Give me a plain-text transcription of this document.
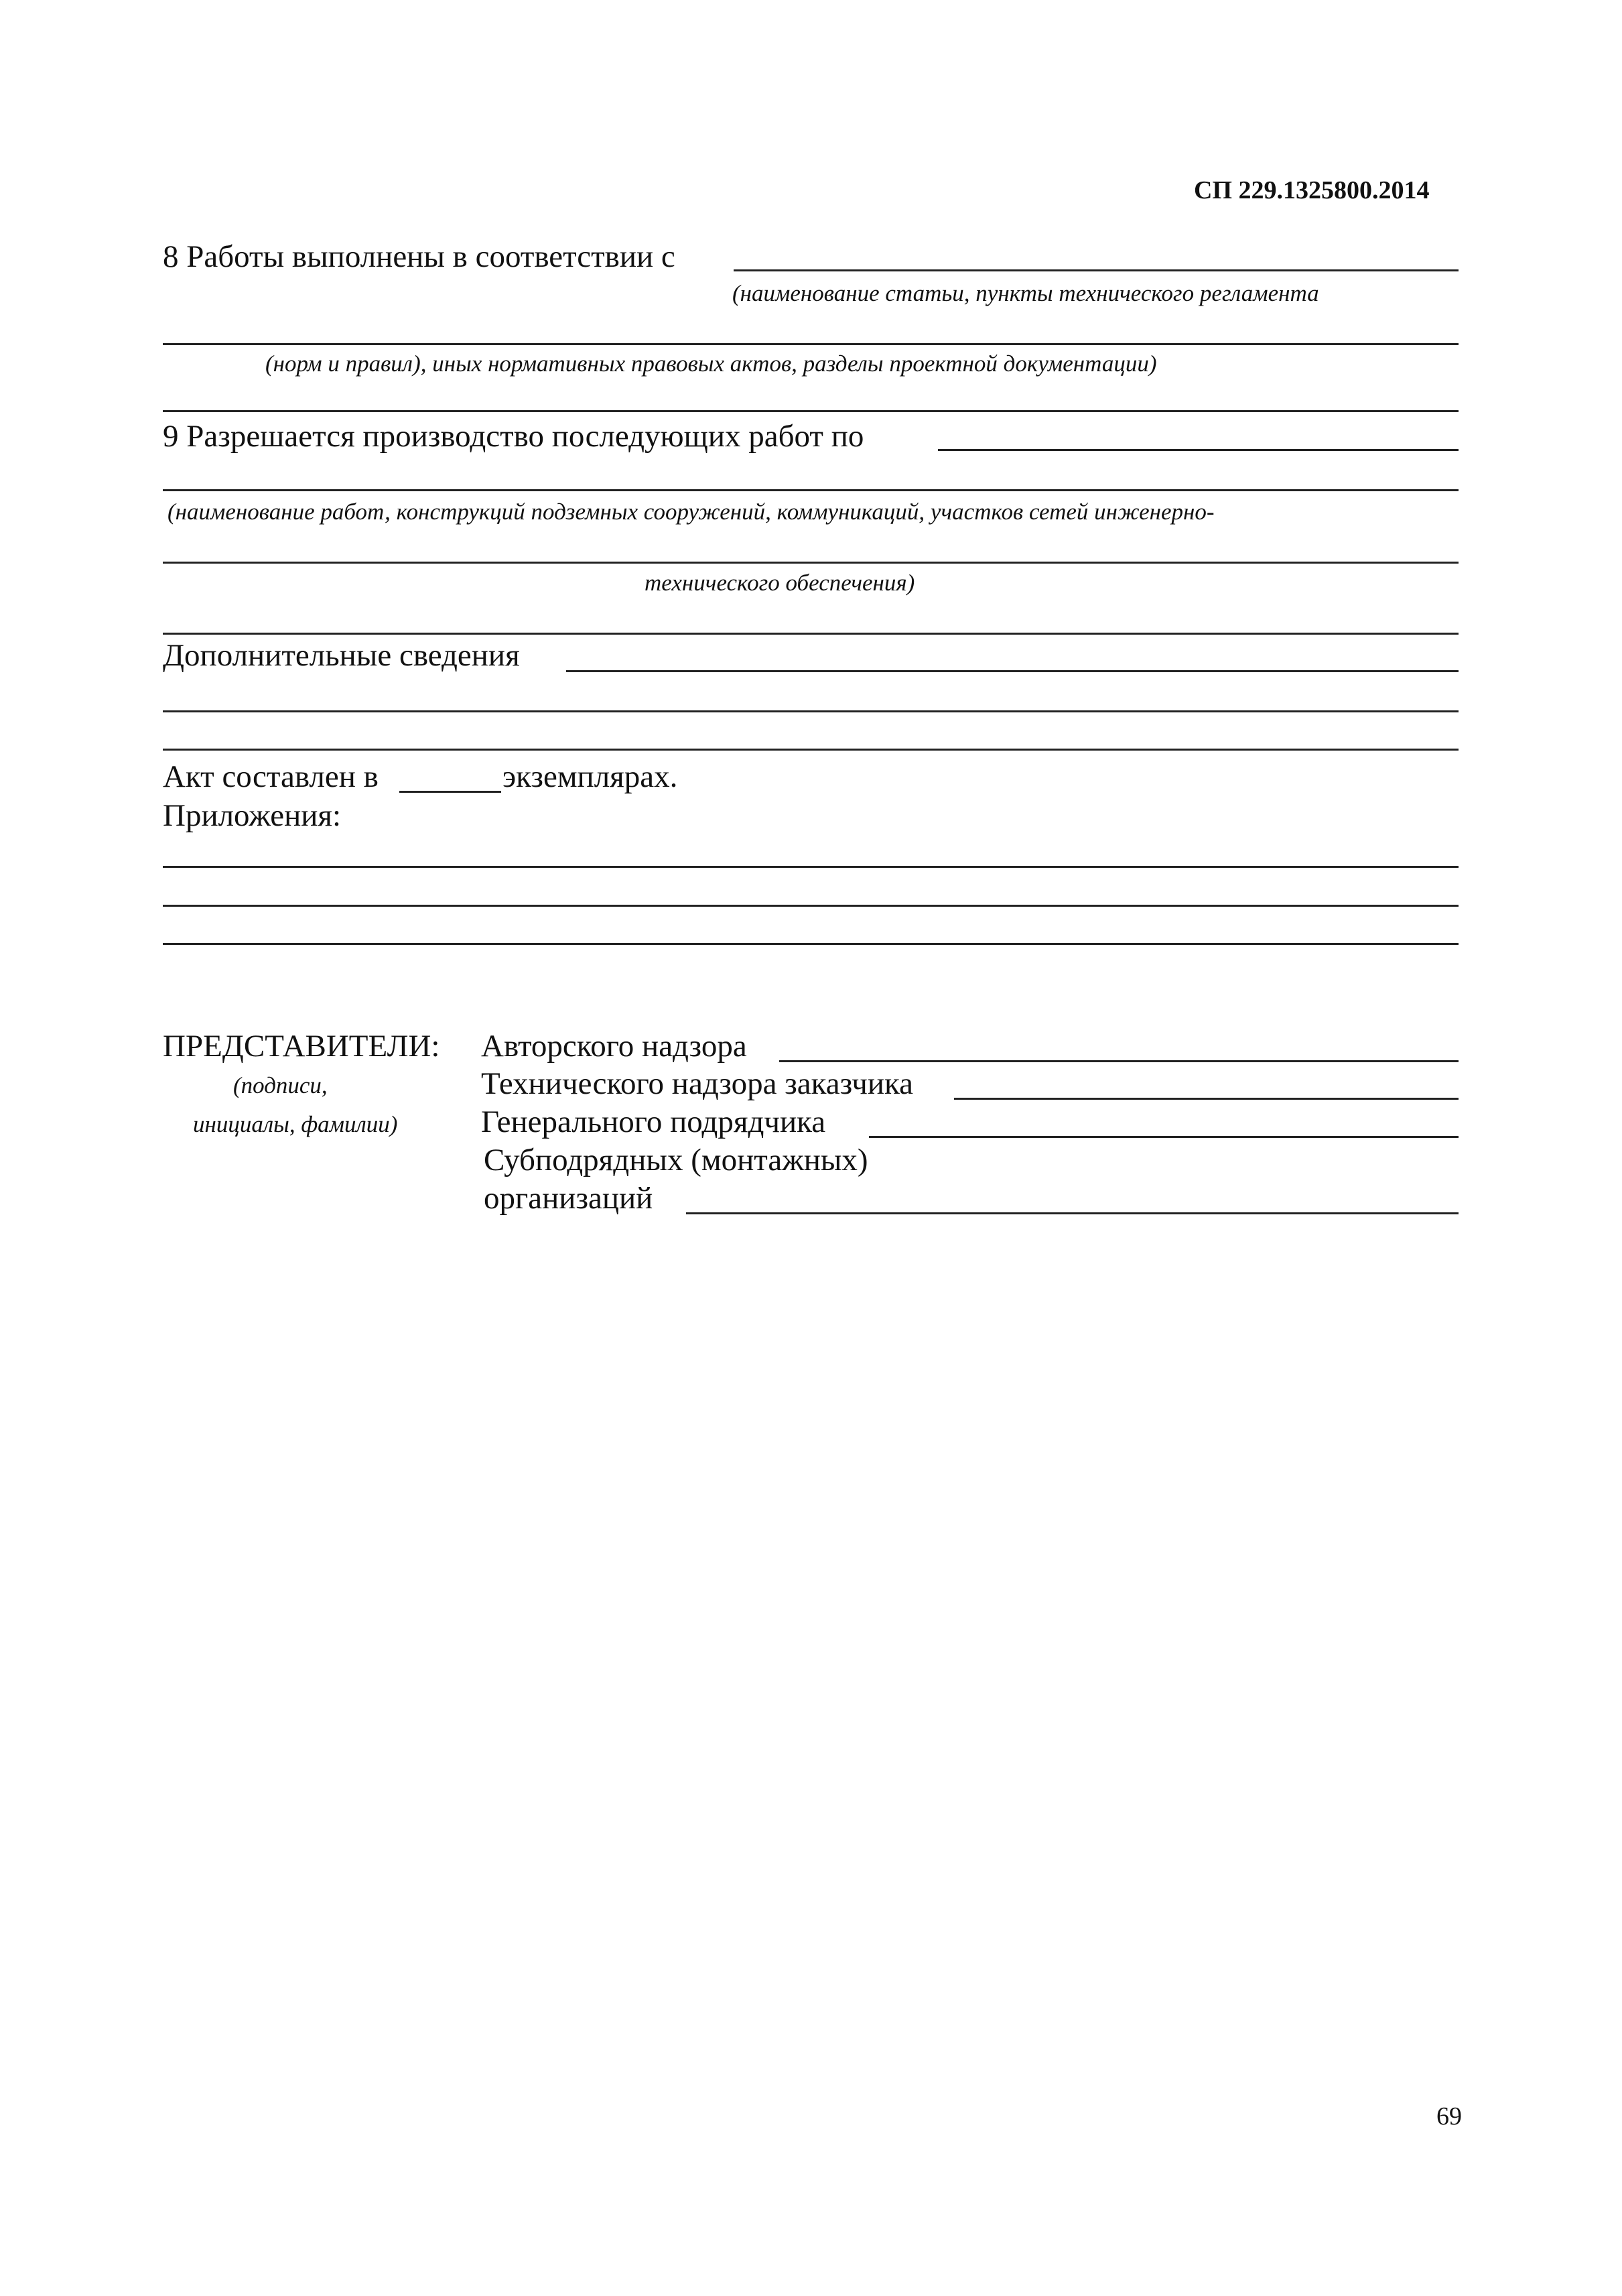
СП 229.1325800.2014
8 Работы выполнены в соответствии с
(наименование статьи, пункты технического регламента
(норм и правил), иных нормативных правовых актов, разделы проектной документации)
9 Разрешается производство последующих работ по
(наименование работ, конструкций подземных сооружений, коммуникаций, участков сетей инженерно-
технического обеспечения)
Дополнительные сведения
Акт составлен в	экземплярах.
Приложения:
ПРЕДСТАВИТЕЛИ: Авторского надзора
(подписи,	Технического надзора заказчика
инициалы, фамилии)	Генерального подрядчика
Субподрядных (монтажных)
организаций
69
